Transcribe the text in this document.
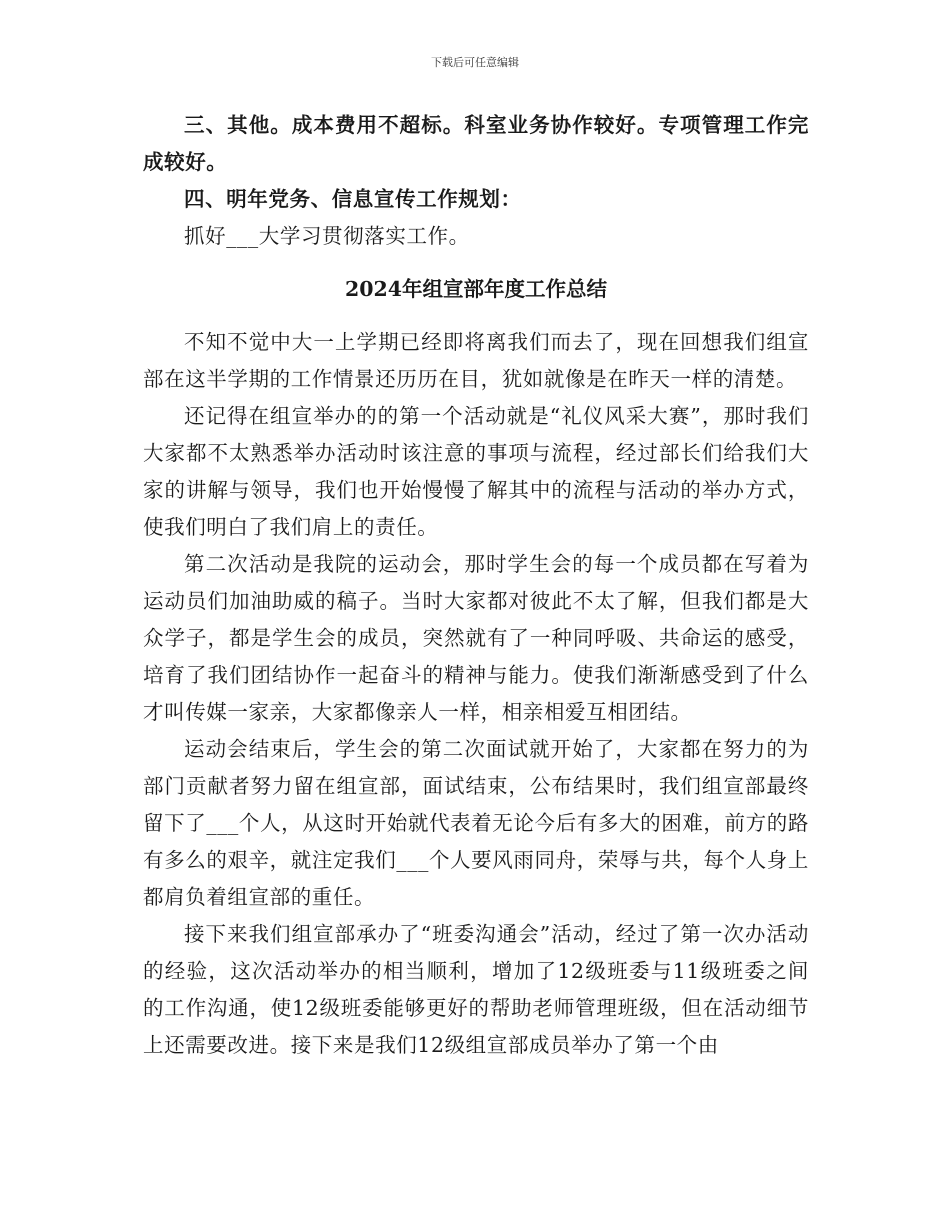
下载后可任意编辑

三、其他。成本费用不超标。科室业务协作较好。专项管理工作完成较好。

四、明年党务、信息宣传工作规划：

抓好___大学习贯彻落实工作。

2024年组宣部年度工作总结

不知不觉中大一上学期已经即将离我们而去了，现在回想我们组宣部在这半学期的工作情景还历历在目，犹如就像是在昨天一样的清楚。

还记得在组宣举办的的第一个活动就是“礼仪风采大赛”，那时我们大家都不太熟悉举办活动时该注意的事项与流程，经过部长们给我们大家的讲解与领导，我们也开始慢慢了解其中的流程与活动的举办方式，使我们明白了我们肩上的责任。

第二次活动是我院的运动会，那时学生会的每一个成员都在写着为运动员们加油助威的稿子。当时大家都对彼此不太了解，但我们都是大众学子，都是学生会的成员，突然就有了一种同呼吸、共命运的感受，培育了我们团结协作一起奋斗的精神与能力。使我们渐渐感受到了什么才叫传媒一家亲，大家都像亲人一样，相亲相爱互相团结。

运动会结束后，学生会的第二次面试就开始了，大家都在努力的为部门贡献者努力留在组宣部，面试结束，公布结果时，我们组宣部最终留下了___个人，从这时开始就代表着无论今后有多大的困难，前方的路有多么的艰辛，就注定我们___个人要风雨同舟，荣辱与共，每个人身上都肩负着组宣部的重任。

接下来我们组宣部承办了“班委沟通会”活动，经过了第一次办活动的经验，这次活动举办的相当顺利，增加了12级班委与11级班委之间的工作沟通，使12级班委能够更好的帮助老师管理班级，但在活动细节上还需要改进。接下来是我们12级组宣部成员举办了第一个由
